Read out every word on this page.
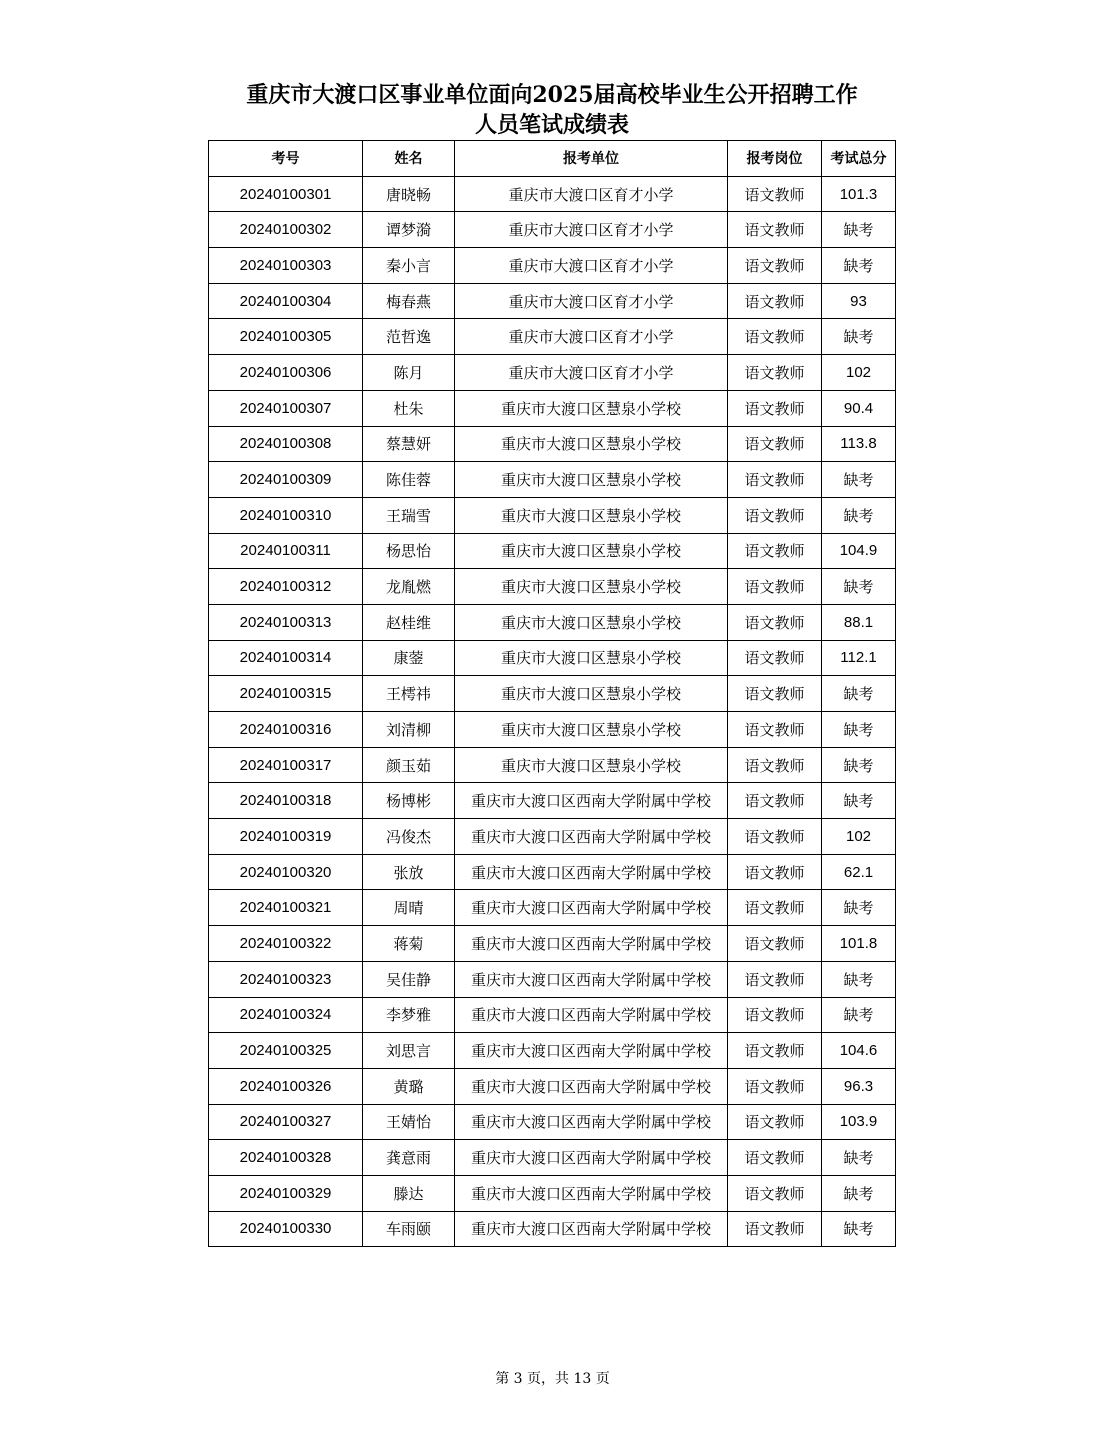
重庆市大渡口区事业单位面向2025届高校毕业生公开招聘工作
人员笔试成绩表
考号	姓名	报考单位	报考岗位	考试总分
20240100301	唐晓畅	重庆市大渡口区育才小学	语文教师	101.3
20240100302	谭梦漪	重庆市大渡口区育才小学	语文教师	缺考
20240100303	秦小言	重庆市大渡口区育才小学	语文教师	缺考
20240100304	梅春燕	重庆市大渡口区育才小学	语文教师	93
20240100305	范哲逸	重庆市大渡口区育才小学	语文教师	缺考
20240100306	陈月	重庆市大渡口区育才小学	语文教师	102
20240100307	杜朱	重庆市大渡口区慧泉小学校	语文教师	90.4
20240100308	蔡慧妍	重庆市大渡口区慧泉小学校	语文教师	113.8
20240100309	陈佳蓉	重庆市大渡口区慧泉小学校	语文教师	缺考
20240100310	王瑞雪	重庆市大渡口区慧泉小学校	语文教师	缺考
20240100311	杨思怡	重庆市大渡口区慧泉小学校	语文教师	104.9
20240100312	龙胤燃	重庆市大渡口区慧泉小学校	语文教师	缺考
20240100313	赵桂维	重庆市大渡口区慧泉小学校	语文教师	88.1
20240100314	康蓥	重庆市大渡口区慧泉小学校	语文教师	112.1
20240100315	王樗祎	重庆市大渡口区慧泉小学校	语文教师	缺考
20240100316	刘清柳	重庆市大渡口区慧泉小学校	语文教师	缺考
20240100317	颜玉茹	重庆市大渡口区慧泉小学校	语文教师	缺考
20240100318	杨博彬	重庆市大渡口区西南大学附属中学校	语文教师	缺考
20240100319	冯俊杰	重庆市大渡口区西南大学附属中学校	语文教师	102
20240100320	张放	重庆市大渡口区西南大学附属中学校	语文教师	62.1
20240100321	周晴	重庆市大渡口区西南大学附属中学校	语文教师	缺考
20240100322	蒋菊	重庆市大渡口区西南大学附属中学校	语文教师	101.8
20240100323	吴佳静	重庆市大渡口区西南大学附属中学校	语文教师	缺考
20240100324	李梦雅	重庆市大渡口区西南大学附属中学校	语文教师	缺考
20240100325	刘思言	重庆市大渡口区西南大学附属中学校	语文教师	104.6
20240100326	黄璐	重庆市大渡口区西南大学附属中学校	语文教师	96.3
20240100327	王婧怡	重庆市大渡口区西南大学附属中学校	语文教师	103.9
20240100328	龚意雨	重庆市大渡口区西南大学附属中学校	语文教师	缺考
20240100329	滕达	重庆市大渡口区西南大学附属中学校	语文教师	缺考
20240100330	车雨颐	重庆市大渡口区西南大学附属中学校	语文教师	缺考
第 3 页，共 13 页
